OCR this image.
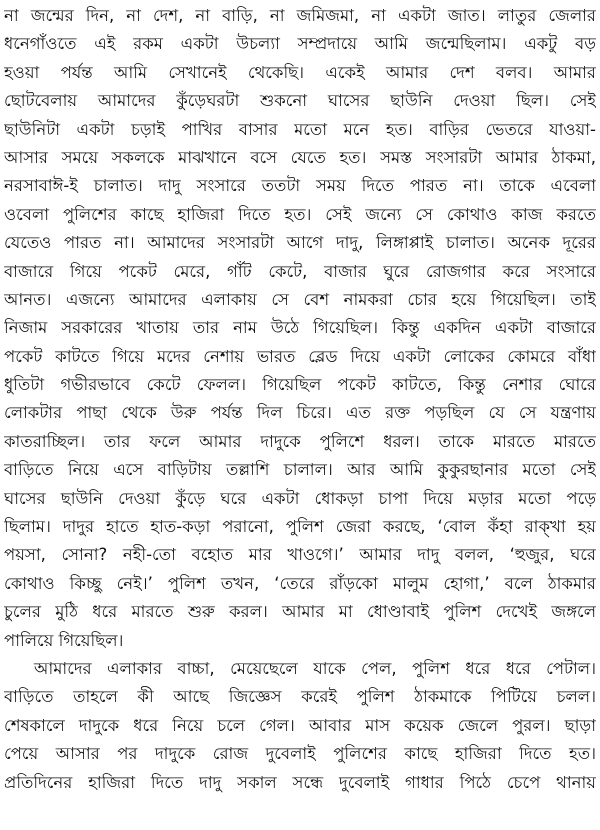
না জন্মের দিন, না দেশ, না বাড়ি, না জমিজমা, না একটা জাত। লাতুর জেলার
ধনেগাঁওতে এই রকম একটা উচল্যা সম্প্রদায়ে আমি জন্মেছিলাম। একটু বড়
হওয়া পর্যন্ত আমি সেখানেই থেকেছি। একেই আমার দেশ বলব। আমার
ছোটবেলায় আমাদের কুঁড়েঘরটা শুকনো ঘাসের ছাউনি দেওয়া ছিল। সেই
ছাউনিটা একটা চড়াই পাখির বাসার মতো মনে হত। বাড়ির ভেতরে যাওয়া-
আসার সময়ে সকলকে মাঝখানে বসে যেতে হত। সমস্ত সংসারটা আমার ঠাকমা,
নরসাবাঈ-ই চালাত। দাদু সংসারে ততটা সময় দিতে পারত না। তাকে এবেলা
ওবেলা পুলিশের কাছে হাজিরা দিতে হত। সেই জন্যে সে কোথাও কাজ করতে
যেতেও পারত না। আমাদের সংসারটা আগে দাদু, লিঙ্গাপ্পাই চালাত। অনেক দূরের
বাজারে গিয়ে পকেট মেরে, গাঁট কেটে, বাজার ঘুরে রোজগার করে সংসারে
আনত। এজন্যে আমাদের এলাকায় সে বেশ নামকরা চোর হয়ে গিয়েছিল। তাই
নিজাম সরকারের খাতায় তার নাম উঠে গিয়েছিল। কিন্তু একদিন একটা বাজারে
পকেট কাটতে গিয়ে মদের নেশায় ভারত ব্লেড দিয়ে একটা লোকের কোমরে বাঁধা
ধুতিটা গভীরভাবে কেটে ফেলল। গিয়েছিল পকেট কাটতে, কিন্তু নেশার ঘোরে
লোকটার পাছা থেকে উরু পর্যন্ত দিল চিরে। এত রক্ত পড়ছিল যে সে যন্ত্রণায়
কাতরাচ্ছিল। তার ফলে আমার দাদুকে পুলিশে ধরল। তাকে মারতে মারতে
বাড়িতে নিয়ে এসে বাড়িটায় তল্লাশি চালাল। আর আমি কুকুরছানার মতো সেই
ঘাসের ছাউনি দেওয়া কুঁড়ে ঘরে একটা ধোকড়া চাপা দিয়ে মড়ার মতো পড়ে
ছিলাম। দাদুর হাতে হাত-কড়া পরানো, পুলিশ জেরা করছে, ‘বোল কঁহা রাক্‌খা হয়
পয়সা, সোনা? নহী-তো বহোত মার খাওগে।’ আমার দাদু বলল, ‘হুজুর, ঘরে
কোথাও কিচ্ছু নেই।’ পুলিশ তখন, ‘তেরে রাঁড়কো মালুম হোগা,’ বলে ঠাকমার
চুলের মুঠি ধরে মারতে শুরু করল। আমার মা ধোণ্ডাবাই পুলিশ দেখেই জঙ্গলে
পালিয়ে গিয়েছিল।
আমাদের এলাকার বাচ্চা, মেয়েছেলে যাকে পেল, পুলিশ ধরে ধরে পেটাল।
বাড়িতে তাহলে কী আছে জিজ্ঞেস করেই পুলিশ ঠাকমাকে পিটিয়ে চলল।
শেষকালে দাদুকে ধরে নিয়ে চলে গেল। আবার মাস কয়েক জেলে পুরল। ছাড়া
পেয়ে আসার পর দাদুকে রোজ দুবেলাই পুলিশের কাছে হাজিরা দিতে হত।
প্রতিদিনের হাজিরা দিতে দাদু সকাল সন্ধে দুবেলাই গাধার পিঠে চেপে থানায়
